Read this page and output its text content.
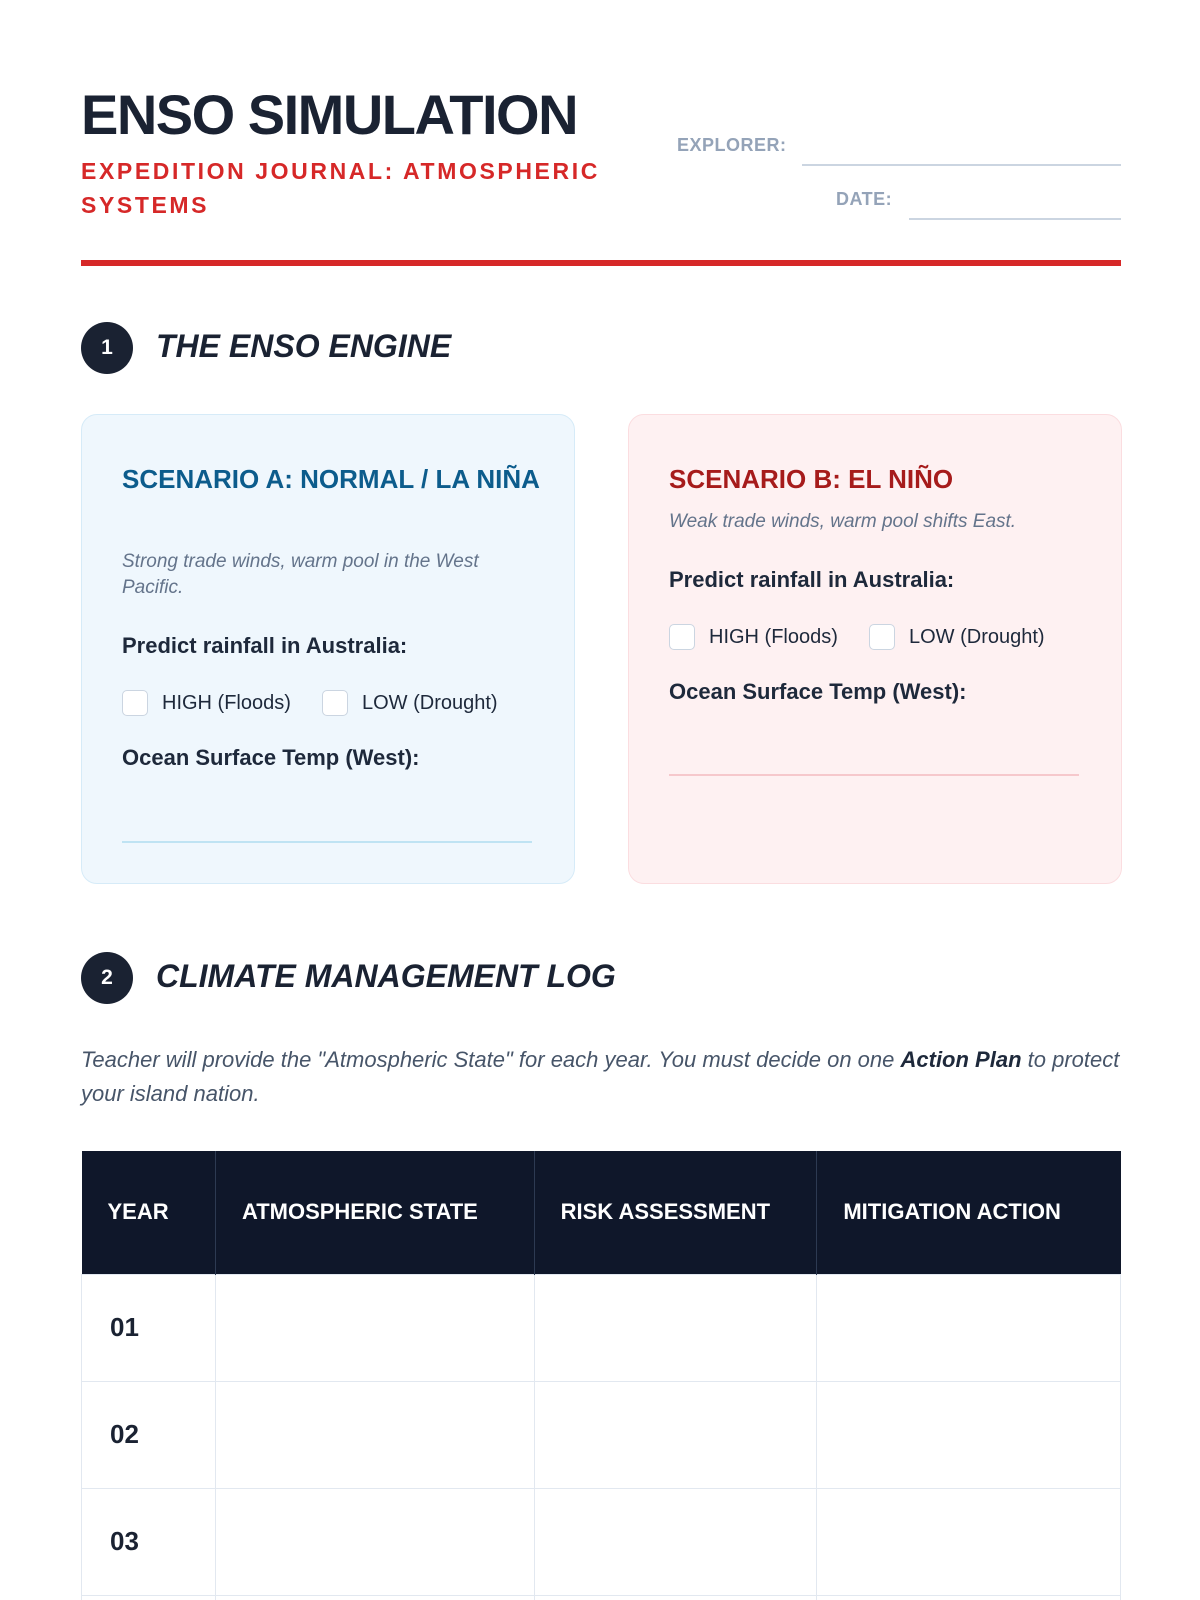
ENSO SIMULATION
EXPEDITION JOURNAL: ATMOSPHERIC SYSTEMS
EXPLORER:
DATE:
1	THE ENSO ENGINE
SCENARIO A: NORMAL / LA NIÑA
Strong trade winds, warm pool in the West Pacific.
Predict rainfall in Australia:
HIGH (Floods)	LOW (Drought)
Ocean Surface Temp (West):
SCENARIO B: EL NIÑO
Weak trade winds, warm pool shifts East.
Predict rainfall in Australia:
HIGH (Floods)	LOW (Drought)
Ocean Surface Temp (West):
2	CLIMATE MANAGEMENT LOG

Teacher will provide the "Atmospheric State" for each year. You must decide on one Action Plan to protect your island nation.

YEAR	ATMOSPHERIC STATE	RISK ASSESSMENT	MITIGATION ACTION
01			
02			
03			
